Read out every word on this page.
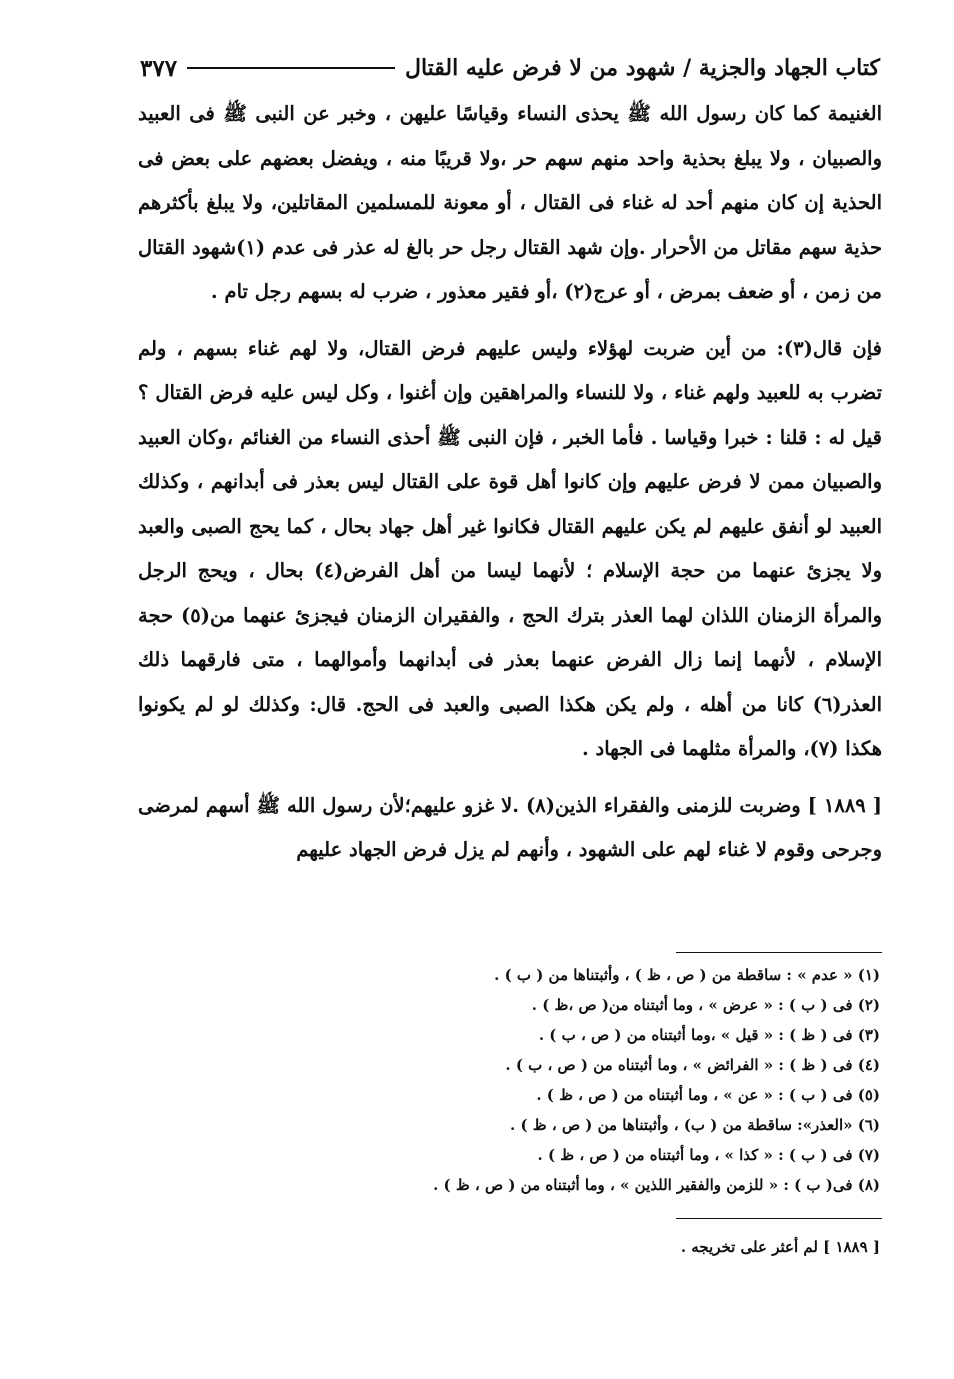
كتاب الجهاد والجزية / شهود من لا فرض عليه القتال
٣٧٧

الغنيمة كما كان رسول الله ﷺ يحذى النساء وقياسًا عليهن ، وخبر عن النبى ﷺ فى العبيد والصبيان ، ولا يبلغ بحذية واحد منهم سهم حر ،ولا قريبًا منه ، ويفضل بعضهم على بعض فى الحذية إن كان منهم أحد له غناء فى القتال ، أو معونة للمسلمين المقاتلين، ولا يبلغ بأكثرهم حذية سهم مقاتل من الأحرار .وإن شهد القتال رجل حر بالغ له عذر فى عدم (١)شهود القتال من زمن ، أو ضعف بمرض ، أو عرج(٢) ،أو فقير معذور ، ضرب له بسهم رجل تام .

فإن قال(٣): من أين ضربت لهؤلاء وليس عليهم فرض القتال، ولا لهم غناء بسهم ، ولم تضرب به للعبيد ولهم غناء ، ولا للنساء والمراهقين وإن أغنوا ، وكل ليس عليه فرض القتال ؟ قيل له : قلنا : خبرا وقياسا . فأما الخبر ، فإن النبى ﷺ أحذى النساء من الغنائم ،وكان العبيد والصبيان ممن لا فرض عليهم وإن كانوا أهل قوة على القتال ليس بعذر فى أبدانهم ، وكذلك العبيد لو أنفق عليهم لم يكن عليهم القتال فكانوا غير أهل جهاد بحال ، كما يحج الصبى والعبد ولا يجزئ عنهما من حجة الإسلام ؛ لأنهما ليسا من أهل الفرض(٤) بحال ، ويحج الرجل والمرأة الزمنان اللذان لهما العذر بترك الحج ، والفقيران الزمنان فيجزئ عنهما من(٥) حجة الإسلام ، لأنهما إنما زال الفرض عنهما بعذر فى أبدانهما وأموالهما ، متى فارقهما ذلك العذر(٦) كانا من أهله ، ولم يكن هكذا الصبى والعبد فى الحج. قال: وكذلك لو لم يكونوا هكذا (٧)، والمرأة مثلهما فى الجهاد .

[ ١٨٨٩ ] وضربت للزمنى والفقراء الذين(٨) .لا غزو عليهم؛لأن رسول الله ﷺ أسهم لمرضى وجرحى وقوم لا غناء لهم على الشهود ، وأنهم لم يزل فرض الجهاد عليهم

(١) « عدم » : ساقطة من ( ص ، ظ ) ، وأثبتناها من ( ب ) .

(٢) فى ( ب ) : « عرض » ، وما أثبتناه من( ص ،ظ ) .

(٣) فى ( ظ ) : « قيل » ،وما أثبتناه من ( ص ، ب ) .

(٤) فى ( ظ ) : « الفرائض » ، وما أثبتناه من ( ص ، ب ) .

(٥) فى ( ب ) : « عن » ، وما أثبتناه من ( ص ، ظ ) .

(٦) «العذر»: ساقطة من ( ب) ، وأثبتناها من ( ص ، ظ ) .

(٧) فى ( ب ) : « كذا » ، وما أثبتناه من ( ص ، ظ ) .

(٨) فى( ب ) : « للزمن والفقير اللذين » ، وما أثبتناه من ( ص ، ظ ) .

[ ١٨٨٩ ] لم أعثر على تخريجه .
